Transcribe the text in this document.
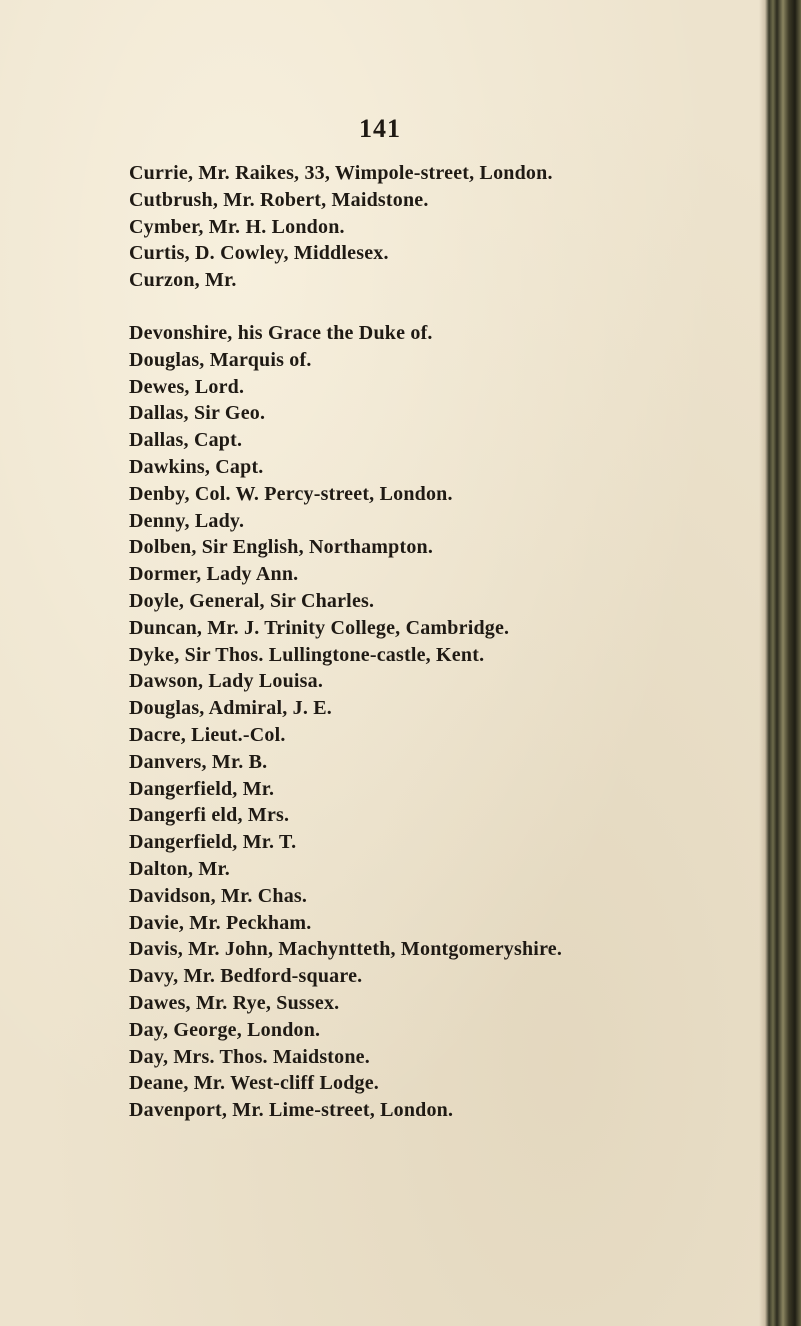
141
Currie, Mr. Raikes, 33, Wimpole-street, London.
Cutbrush, Mr. Robert, Maidstone.
Cymber, Mr. H. London.
Curtis, D. Cowley, Middlesex.
Curzon, Mr.
Devonshire, his Grace the Duke of.
Douglas, Marquis of.
Dewes, Lord.
Dallas, Sir Geo.
Dallas, Capt.
Dawkins, Capt.
Denby, Col. W. Percy-street, London.
Denny, Lady.
Dolben, Sir English, Northampton.
Dormer, Lady Ann.
Doyle, General, Sir Charles.
Duncan, Mr. J. Trinity College, Cambridge.
Dyke, Sir Thos. Lullingtone-castle, Kent.
Dawson, Lady Louisa.
Douglas, Admiral, J. E.
Dacre, Lieut.-Col.
Danvers, Mr. B.
Dangerfield, Mr.
Dangerfi eld, Mrs.
Dangerfield, Mr. T.
Dalton, Mr.
Davidson, Mr. Chas.
Davie, Mr. Peckham.
Davis, Mr. John, Machyntteth, Montgomeryshire.
Davy, Mr. Bedford-square.
Dawes, Mr. Rye, Sussex.
Day, George, London.
Day, Mrs. Thos. Maidstone.
Deane, Mr. West-cliff Lodge.
Davenport, Mr. Lime-street, London.
